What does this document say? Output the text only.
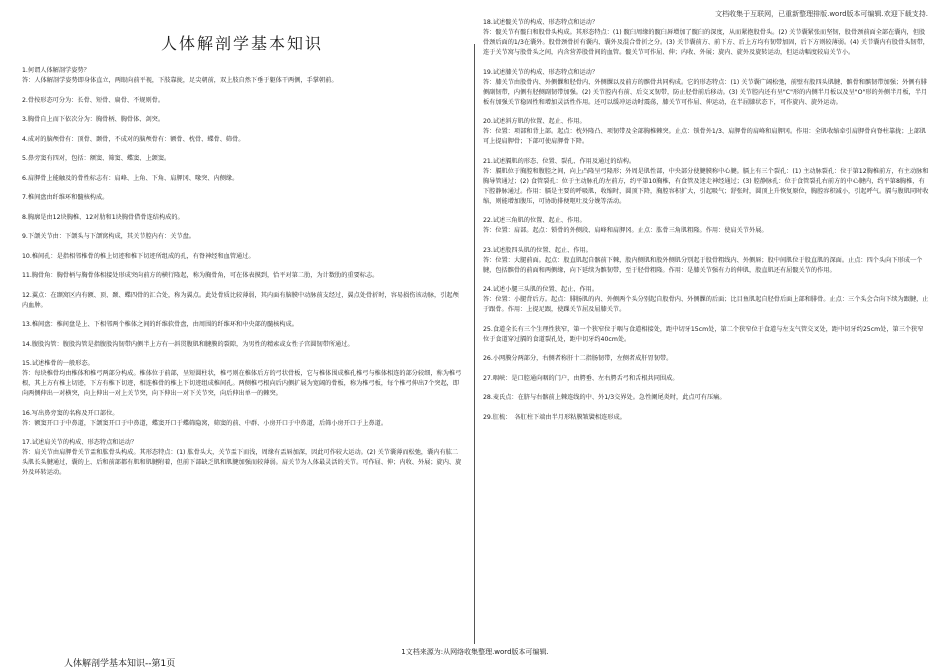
文档收集于互联网，已重新整理排版.word版本可编辑.欢迎下载支持.
人体解剖学基本知识

1.何谓人体解剖学姿势？

答：人体解剖学姿势即身体直立，两眼向前平视，下肢靠拢，足尖朝前，双上肢自然下垂于躯体干两侧，手掌朝前。

2.骨按形态可分为：长骨、短骨、扁骨、不规则骨。

3.胸骨自上而下依次分为：胸骨柄、胸骨体、剑突。

4.成对的脑颅骨有：顶骨、颞骨，不成对的脑颅骨有：额骨、枕骨、蝶骨、筛骨。

5.鼻旁窦有四对，包括：额窦、筛窦、蝶窦、上颌窦。

6.肩胛骨上能触及的骨性标志有：肩峰、上角、下角、肩胛冈、喙突、内侧缘。

7.椎间盘由纤维环和髓核构成。

8.胸廓是由12块胸椎、12对肋和1块胸骨借骨连结构成的。

9.下颌关节由：下颌头与下颌窝构成，其关节腔内有：关节盘。

10.椎间孔：是指相邻椎骨的椎上切迹和椎下切迹所组成的孔，有脊神经和血管通过。

11.胸骨角：胸骨柄与胸骨体相接处形成突向前方的横行隆起，称为胸骨角，可在体表摸到，恰平对第二肋，为计数肋的重要标志。

12.翼点：在颞窝区内有额、顶、颞、蝶四骨的汇合处，称为翼点。此处骨质比较薄弱，其内面有脑膜中动脉前支经过，翼点处骨折时，容易损伤该动脉，引起颅内血肿。

13.椎间盘：椎间盘是上、下相邻两个椎体之间的纤维软骨盘，由周围的纤维环和中央部的髓核构成。

14.腹股沟管：腹股沟管是指腹股沟韧带内侧半上方有一斜贯腹肌和腱膜的裂隙，为男性的精索或女性子宫圆韧带所通过。

15.试述椎骨的一般形态。

答：每块椎骨均由椎体和椎弓两部分构成。椎体位于前部，呈短圆柱状，椎弓则在椎体后方的弓状骨板，它与椎体围成椎孔椎弓与椎体相连的部分较细，称为椎弓根，其上方有椎上切迹，下方有椎下切迹，相连椎骨的椎上下切迹组成椎间孔。两侧椎弓根向后内侧扩展为宽阔的骨板，称为椎弓板，每个椎弓伸出7个突起，即向两侧伸出一对横突，向上伸出一对上关节突，向下伸出一对下关节突，向后伸出单一的棘突。

16.写出鼻旁窦的名称及开口部位。

答：额窦开口于中鼻道，下颌窦开口于中鼻道，蝶窦开口于蝶筛隐窝，筛窦的前、中群、小房开口于中鼻道，后筛小房开口于上鼻道。

17.试述肩关节的构成、形态特点和运动？

答：肩关节由肩胛骨关节盂和肱骨头构成。其形态特点：(1) 肱骨头大，关节盂下而浅，周缘有盂唇加深，因此可作较大运动。(2) 关节囊薄而松弛，囊内有肱二头肌长头腱通过，囊的上、后和前部都有肌和肌腱附着，但前下部缺乏肌和肌腱加强而较薄弱。肩关节为人体最灵活的关节。可作屈、伸；内收、外展；旋内、旋外及环转运动。

18.试述髋关节的构成、形态特点和运动？

答：髋关节有髋臼和股骨头构成。其形态特点：(1) 髋臼周缘的髋臼唇增加了髋臼的深度，从而紧抱股骨头。(2) 关节囊紧张而坚韧，股骨颈前面全部在囊内，但股骨颈后面的1/3在囊外。股骨颈骨折有囊内、囊外及混合骨折之分。(3) 关节囊前方、前下方、后上方均有韧带加固，后下方则较薄弱。(4) 关节囊内有股骨头韧带，连于关节窝与股骨头之间，内含营养股骨间的血管。髋关节可作屈、伸；内收、外展；旋内、旋外及旋转运动，但运动幅度较肩关节小。

19.试述膝关节的构成、形态特点和运动？

答：膝关节由股骨内、外侧髁和胫骨内、外侧髁以及前方的髌骨共同构成。它的形态特点：(1) 关节囊广阔松弛，前壁有股四头肌腱、髌骨和髌韧带加强；外侧有腓侧副韧带，内侧有胫侧副韧带加强。(2) 关节腔内有前、后交叉韧带，防止胫骨前后移动。(3) 关节腔内还有呈"C"形的内侧半月板以及呈"O"形的外侧半月板，半月板有加强关节稳固性和增加灵活性作用。还可以缓冲运动时震荡，膝关节可作屈、伸运动，在半屈膝状态下，可作旋内、旋外运动。

20.试述斜方肌的位置、起止、作用。

答：位置：项部和背上部。起点：枕外隆凸、项韧带及全部胸椎棘突。止点：锁骨外1/3、肩胛骨的肩峰和肩胛冈。作用：全肌收缩牵引肩胛骨向脊柱靠拢；上部肌可上提肩胛骨；下部可使肩胛骨下降。

21.试述膈肌的形态、位置、裂孔、作用及通过的结构。

答：膈肌位于胸腔和腹腔之间，向上凸隆呈弓隆形；外周是肌性部，中央部分使腱膜称中心腱。膈上有三个裂孔：(1) 主动脉裂孔：位于第12胸椎前方，有主动脉和胸导管通过；(2) 食管裂孔：位于主动脉孔的左前方，约平第10胸椎，有食管及迷走神经通过；(3) 腔静脉孔：位于食管裂孔右前方的中心腱内，约平第8胸椎，有下腔静脉通过。作用：膈是主要的呼吸肌，收缩时，圆顶下降，胸腔容积扩大，引起吸气；舒张时，圆顶上升恢复原位，胸腔容积减小，引起呼气。膈与腹肌同时收缩，则能增加腹压，可协助排便呕吐及分娩等活动。

22.试述三角肌的位置、起止、作用。

答：位置：肩部。起点：锁骨的外侧段、肩峰和肩胛冈。止点：肱骨三角肌粗隆。作用：使肩关节外展。

23.试述股四头肌的位置、起止、作用。

答：位置：大腿前面。起点：股直肌起自髂前下棘，股内侧肌和股外侧肌分别起于股骨粗线内、外侧唇；股中间肌位于股直肌的深面。止点：四个头向下形成一个腱，包括髌骨的前面和两侧缘，向下延续为髌韧带，至于胫骨粗隆。作用：是膝关节强有力的伸肌，股直肌还有屈髋关节的作用。

24.试述小腿三头肌的位置、起止、作用。

答：位置：小腿背后方。起点：腓肠肌的内、外侧两个头分别起自股骨内、外侧髁的后面；比目鱼肌起自胫骨后面上部和腓骨。止点：三个头会合向下续为跟腱，止于跟骨。作用：上提足跟，使踝关节屈及屈膝关节。

25.食道全长有三个生理性狭窄，第一个狭窄位于咽与食道相接处，距中切牙15cm处，第二个狭窄位于食道与左支气管交叉处，距中切牙约25cm处，第三个狭窄位于食道穿过膈的食道裂孔处，距中切牙约40cm处。

26.小网膜分两部分，右侧者称肝十二指肠韧带，左侧者成肝胃韧带。

27.咽峡：是口腔通向咽的门户，由腭垂、左右腭舌弓和舌根共同围成。

28.麦氏点：在脐与右髂前上棘连线的中、外1/3交界处。急性阑尾炎时，此点可有压痛。

29.肛梳：　各肛柱下端由半月形粘膜皱襞相连形成。

1文档来源为:从网络收集整理.word版本可编辑.
人体解剖学基本知识--第1页
